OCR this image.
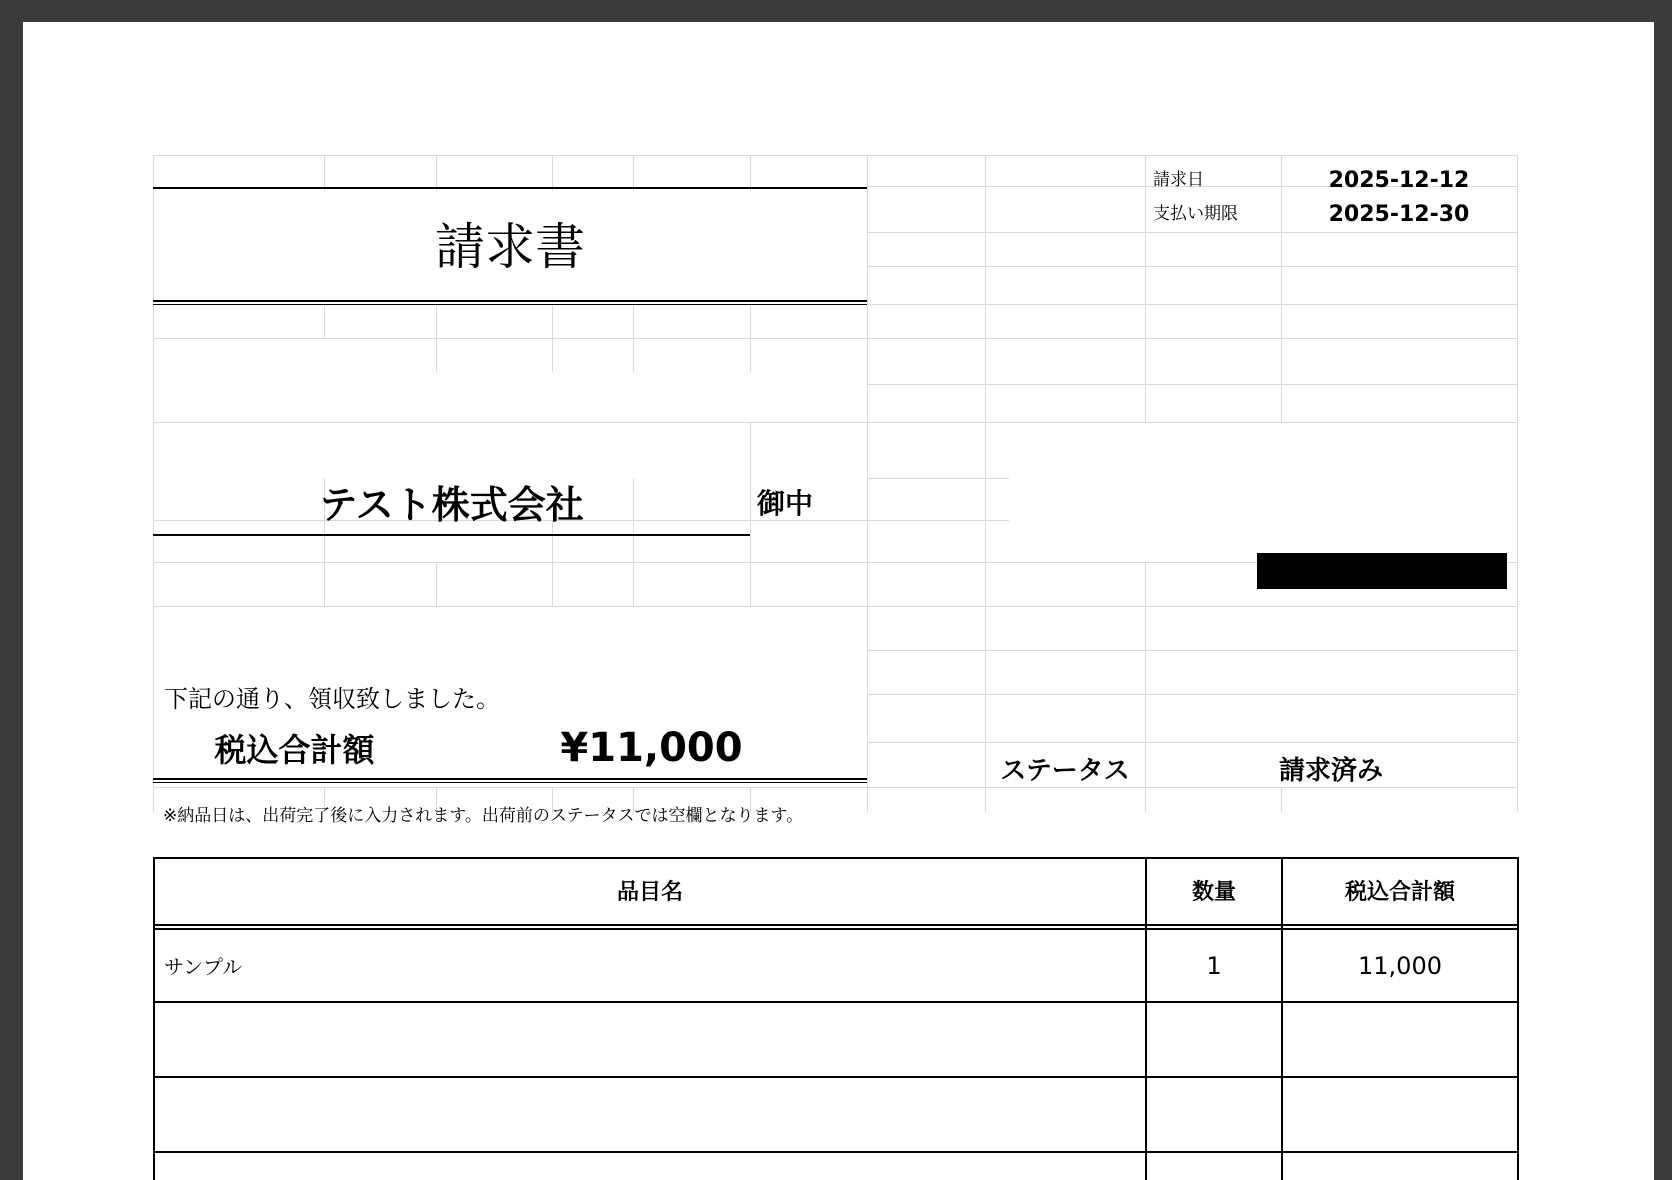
請求書
請求日	2025-12-12
支払い期限	2025-12-30
テスト株式会社	御中
下記の通り、領収致しました。
税込合計額	¥11,000	ステータス	請求済み
※納品日は、出荷完了後に入力されます。出荷前のステータスでは空欄となります。
品目名	数量	税込合計額
サンプル	1	11,000
